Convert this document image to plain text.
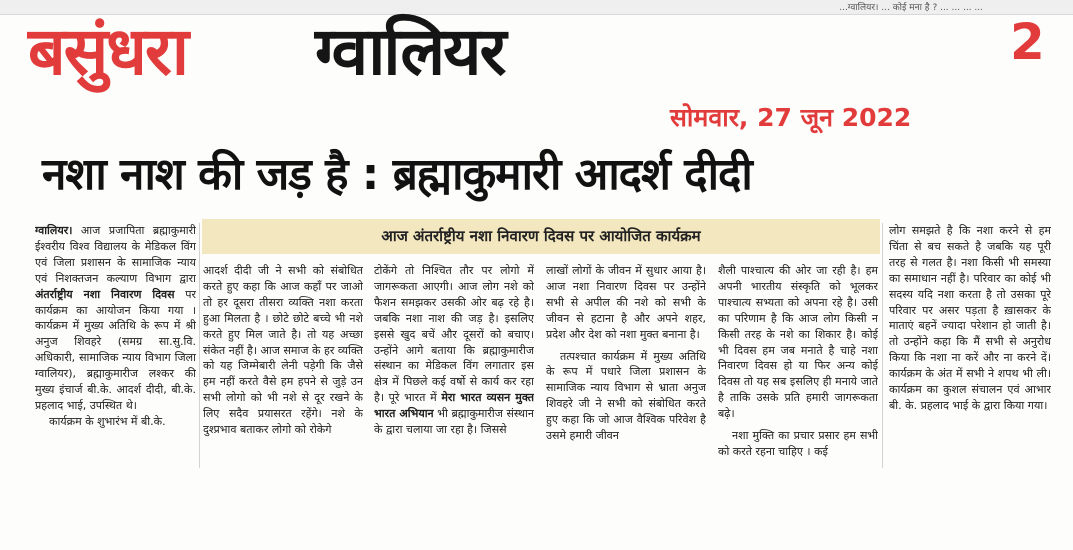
...ग्वालियर। ... कोई मना है ? ... ... ... ...
बसुंधरा ग्वालियर	2
सोमवार, 27 जून 2022
नशा नाश की जड़ है : ब्रह्माकुमारी आदर्श दीदी
आज अंतर्राष्ट्रीय नशा निवारण दिवस पर आयोजित कार्यक्रम

ग्वालियर। आज प्रजापिता ब्रह्माकुमारी ईश्वरीय विश्व विद्यालय के मेडिकल विंग एवं जिला प्रशासन के सामाजिक न्याय एवं निशक्तजन कल्याण विभाग द्वारा अंतर्राष्ट्रीय नशा निवारण दिवस पर कार्यक्रम का आयोजन किया गया । कार्यक्रम में मुख्य अतिथि के रूप में श्री अनुज शिवहरे (समग्र सा.सु.वि. अधिकारी, सामाजिक न्याय विभाग जिला ग्वालियर), ब्रह्माकुमारीज लश्कर की मुख्य इंचार्ज बी.के. आदर्श दीदी, बी.के. प्रहलाद भाई, उपस्थित थे।

कार्यक्रम के शुभारंभ में बी.के.

आदर्श दीदी जी ने सभी को संबोधित करते हुए कहा कि आज कहाँ पर जाओ तो हर दूसरा तीसरा व्यक्ति नशा करता हुआ मिलता है । छोटे छोटे बच्चे भी नशे करते हुए मिल जाते है। तो यह अच्छा संकेत नहीं है। आज समाज के हर व्यक्ति को यह जिम्मेबारी लेनी पड़ेगी कि जैसे हम नहीं करते वैसे हम हपने से जुड़े उन सभी लोगो को भी नशे से दूर रखने के लिए सदैव प्रयासरत रहेंगे। नशे के दुश्प्रभाव बताकर लोगो को रोकेगे

टोकेंगे तो निश्चित तौर पर लोगो में जागरूकता आएगी। आज लोग नशे को फैशन समझकर उसकी ओर बढ़ रहे है। जबकि नशा नाश की जड़ है। इसलिए इससे खुद बचें और दूसरों को बचाए। उन्होंने आगे बताया कि ब्रह्माकुमारीज संस्थान का मेडिकल विंग लगातार इस क्षेत्र में पिछले कई वर्षो से कार्य कर रहा है। पूरे भारत में मेरा भारत व्यसन मुक्त भारत अभियान भी ब्रह्माकुमारीज संस्थान के द्वारा चलाया जा रहा है। जिससे

लाखों लोगों के जीवन में सुधार आया है। आज नशा निवारण दिवस पर उन्होंने सभी से अपील की नशे को सभी के जीवन से हटाना है और अपने शहर, प्रदेश और देश को नशा मुक्त बनाना है।

तत्पश्चात कार्यक्रम में मुख्य अतिथि के रूप में पधारे जिला प्रशासन के सामाजिक न्याय विभाग से भ्राता अनुज शिवहरे जी ने सभी को संबोधित करते हुए कहा कि जो आज वैश्विक परिवेश है उसमे हमारी जीवन

शैली पाश्चात्य की ओर जा रही है। हम अपनी भारतीय संस्कृति को भूलकर पाश्चात्य सभ्यता को अपना रहे है। उसी का परिणाम है कि आज लोग किसी न किसी तरह के नशे का शिकार है। कोई भी दिवस हम जब मनाते है चाहे नशा निवारण दिवस हो या फिर अन्य कोई दिवस तो यह सब इसलिए ही मनाये जाते है ताकि उसके प्रति हमारी जागरूकता बढ़े।

नशा मुक्ति का प्रचार प्रसार हम सभी को करते रहना चाहिए । कई

लोग समझते है कि नशा करने से हम चिंता से बच सकते है जबकि यह पूरी तरह से गलत है। नशा किसी भी समस्या का समाधान नहीं है। परिवार का कोई भी सदस्य यदि नशा करता है तो उसका पूरे परिवार पर असर पड़ता है ख़ासकर के माताएं बहनें ज्यादा परेशान हो जाती है। तो उन्होंने कहा कि मैं सभी से अनुरोध किया कि नशा ना करें और ना करने दें। कार्यक्रम के अंत में सभी ने शपथ भी ली। कार्यक्रम का कुशल संचालन एवं आभार बी. के. प्रहलाद भाई के द्वारा किया गया।
